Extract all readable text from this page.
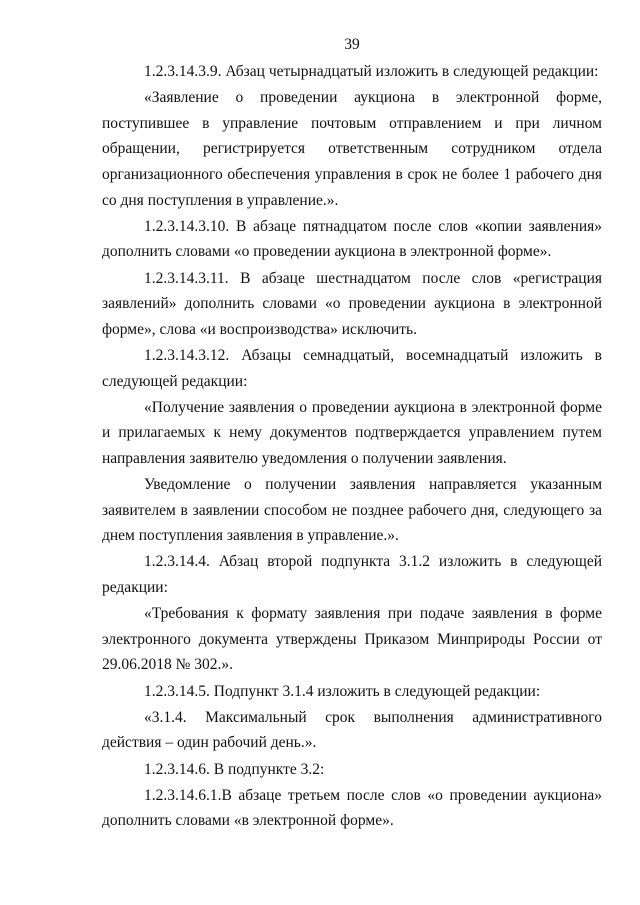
39

1.2.3.14.3.9. Абзац четырнадцатый изложить в следующей редакции:

«Заявление о проведении аукциона в электронной форме, поступившее в управление почтовым отправлением и при личном обращении, регистрируется ответственным сотрудником отдела организационного обеспечения управления в срок не более 1 рабочего дня со дня поступления в управление.».

1.2.3.14.3.10. В абзаце пятнадцатом после слов «копии заявления» дополнить словами «о проведении аукциона в электронной форме».

1.2.3.14.3.11. В абзаце шестнадцатом после слов «регистрация заявлений» дополнить словами «о проведении аукциона в электронной форме», слова «и воспроизводства» исключить.

1.2.3.14.3.12. Абзацы семнадцатый, восемнадцатый изложить в следующей редакции:

«Получение заявления о проведении аукциона в электронной форме и прилагаемых к нему документов подтверждается управлением путем направления заявителю уведомления о получении заявления.

Уведомление о получении заявления направляется указанным заявителем в заявлении способом не позднее рабочего дня, следующего за днем поступления заявления в управление.».

1.2.3.14.4. Абзац второй подпункта 3.1.2 изложить в следующей редакции:

«Требования к формату заявления при подаче заявления в форме электронного документа утверждены Приказом Минприроды России от 29.06.2018 № 302.».

1.2.3.14.5. Подпункт 3.1.4 изложить в следующей редакции:

«3.1.4. Максимальный срок выполнения административного действия – один рабочий день.».

1.2.3.14.6. В подпункте 3.2:

1.2.3.14.6.1.В абзаце третьем после слов «о проведении аукциона» дополнить словами «в электронной форме».
